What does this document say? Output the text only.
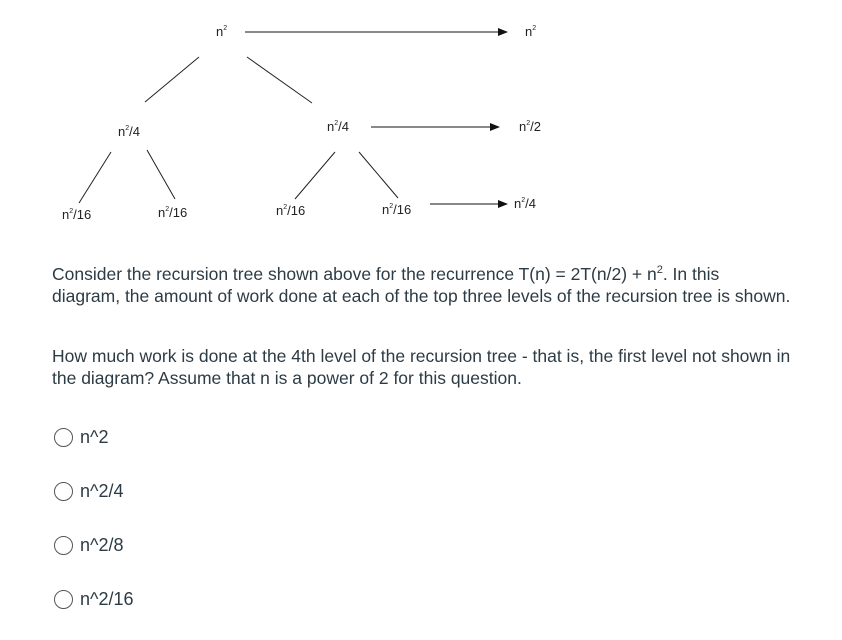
$n^2$
$n^2/4$	$n^2/4$
$n^2/16$	$n^2/16$	$n^2/16$	$n^2/16$
$n^2$
$n^2/2$
$n^2/4$

Consider the recursion tree shown above for the recurrence $T(n) = 2T(n/2) + n^2$. In this diagram, the amount of work done at each of the top three levels of the recursion tree is shown.

How much work is done at the 4th level of the recursion tree - that is, the first level not shown in the diagram? Assume that n is a power of 2 for this question.

n^2
n^2/4
n^2/8
n^2/16
